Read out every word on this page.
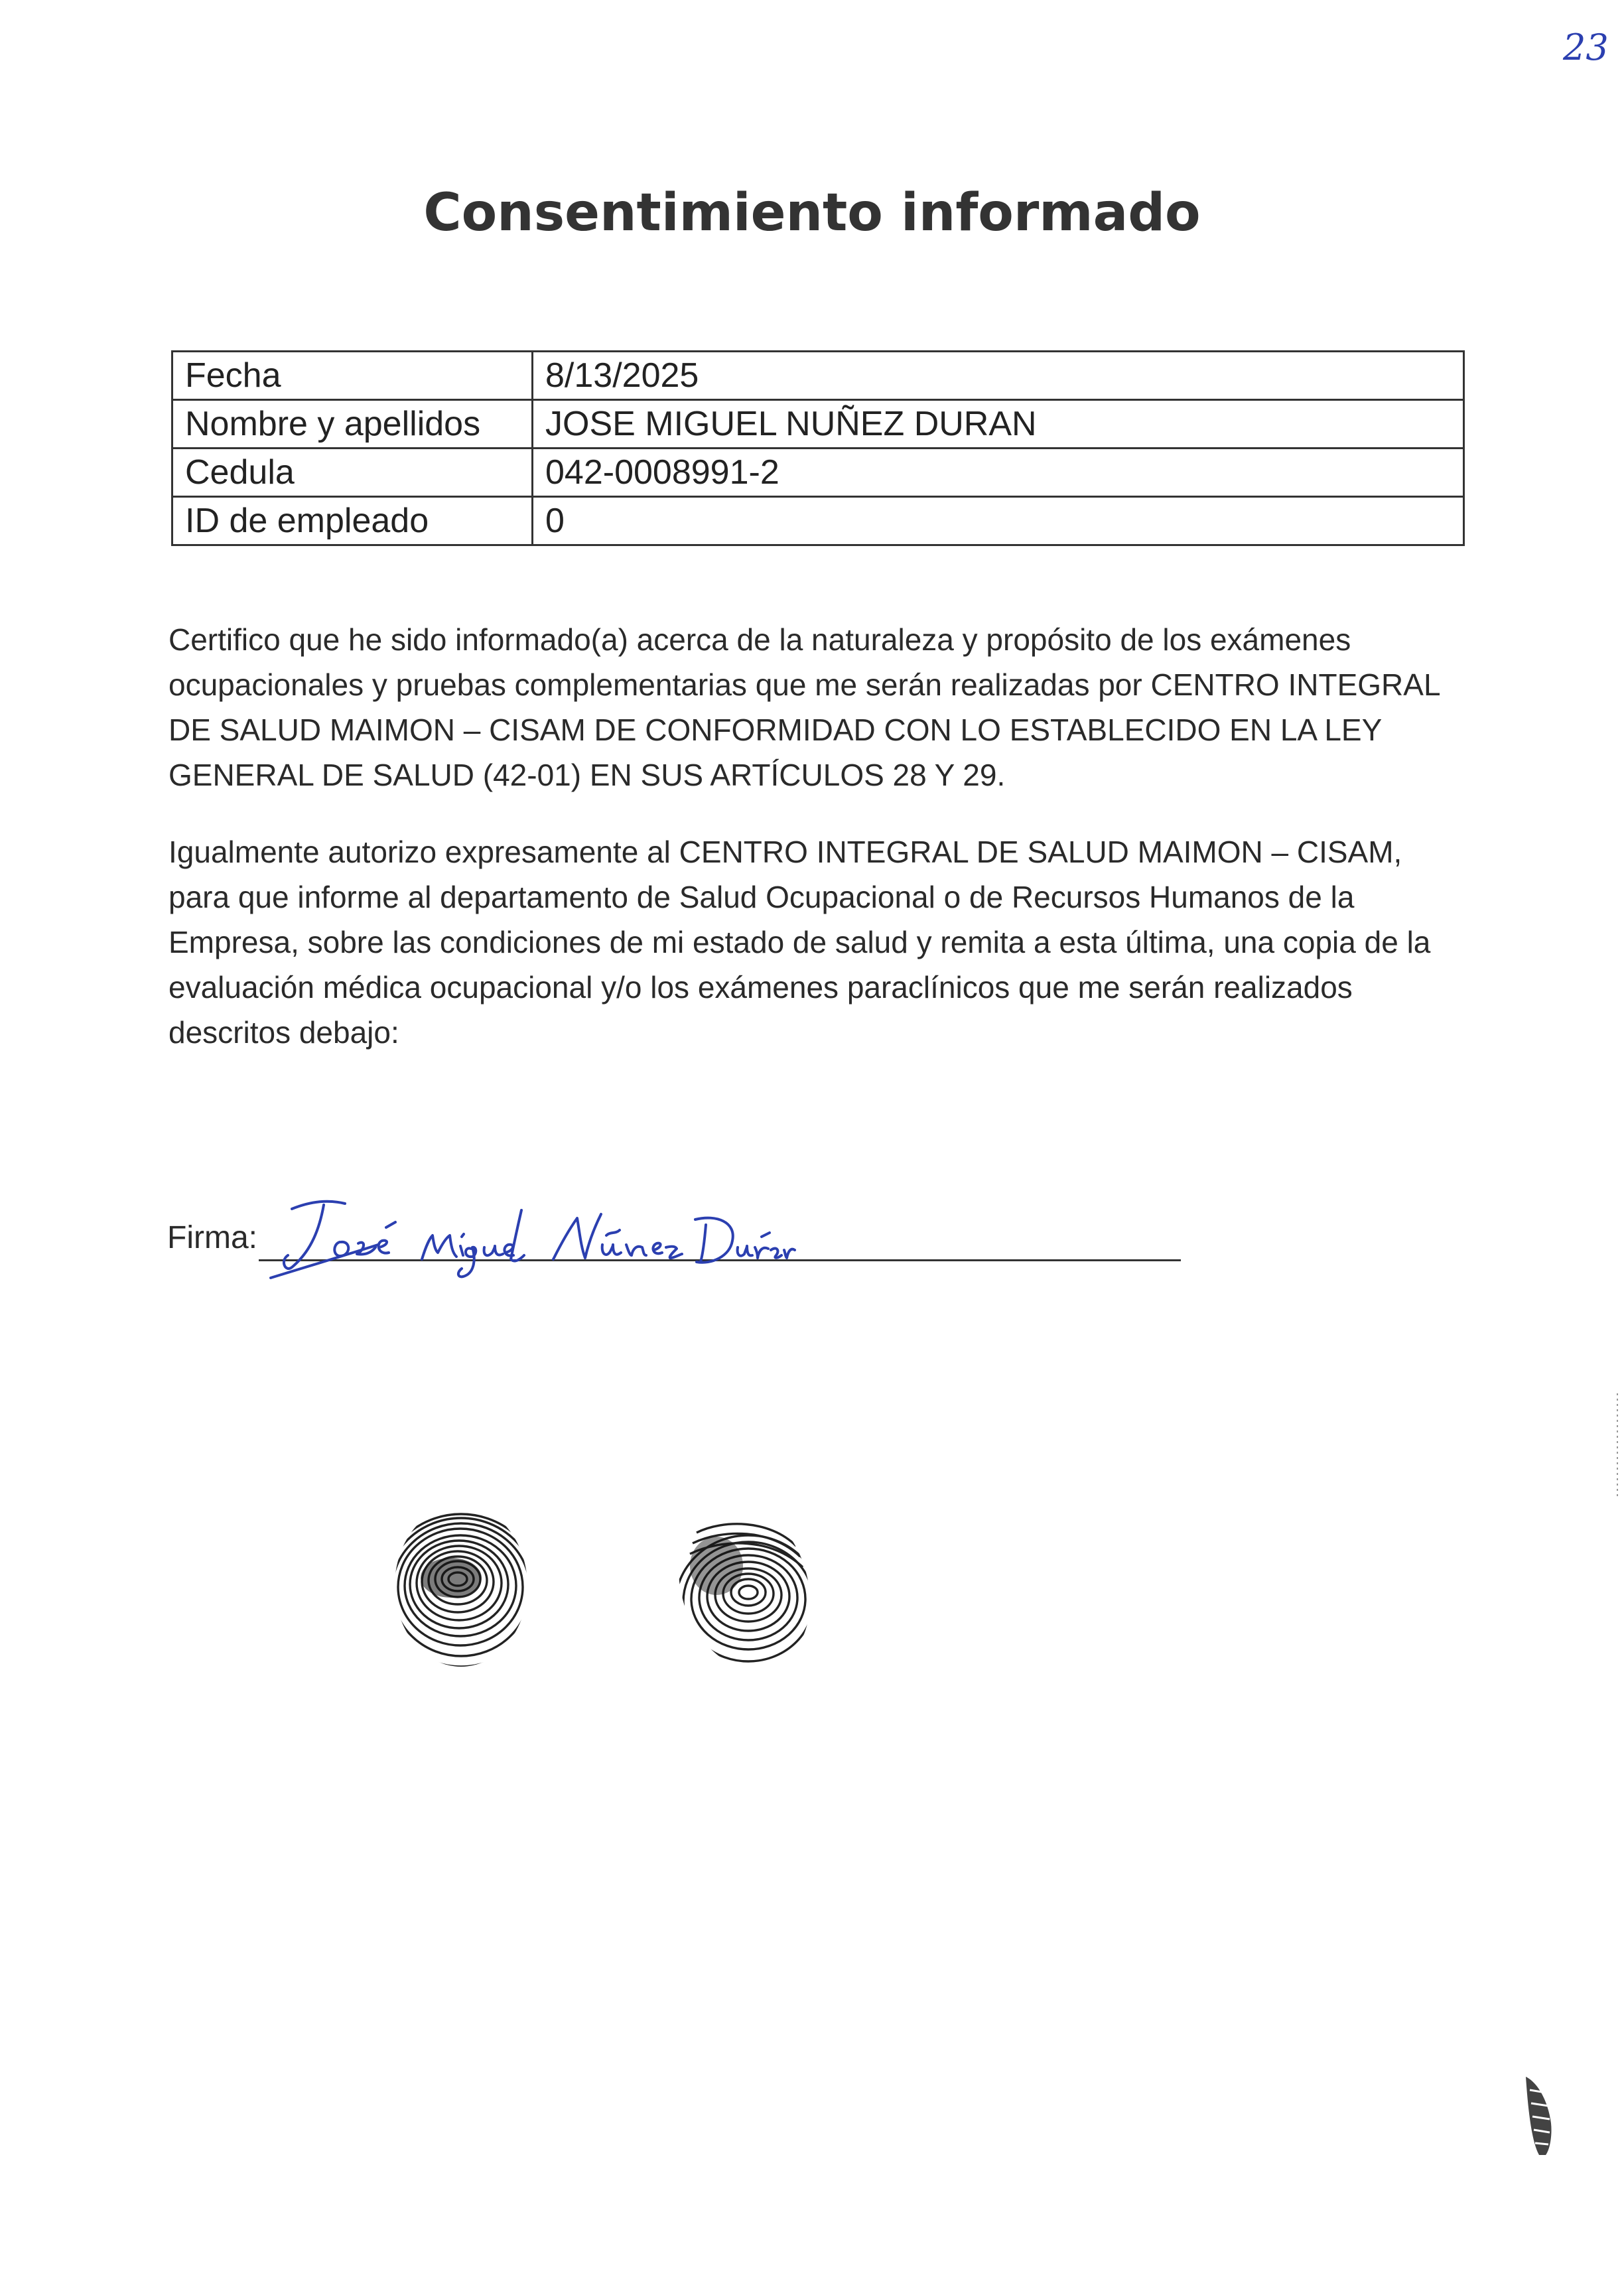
23
Consentimiento informado
Fecha	8/13/2025
Nombre y apellidos	JOSE MIGUEL NUÑEZ DURAN
Cedula	042-0008991-2
ID de empleado	0

Certifico que he sido informado(a) acerca de la naturaleza y propósito de los exámenes ocupacionales y pruebas complementarias que me serán realizadas por CENTRO INTEGRAL DE SALUD MAIMON – CISAM DE CONFORMIDAD CON LO ESTABLECIDO EN LA LEY GENERAL DE SALUD (42-01) EN SUS ARTÍCULOS 28 Y 29.

Igualmente autorizo expresamente al CENTRO INTEGRAL DE SALUD MAIMON – CISAM, para que informe al departamento de Salud Ocupacional o de Recursos Humanos de la Empresa, sobre las condiciones de mi estado de salud y remita a esta última, una copia de la evaluación médica ocupacional y/o los exámenes paraclínicos que me serán realizados descritos debajo:

Firma:
